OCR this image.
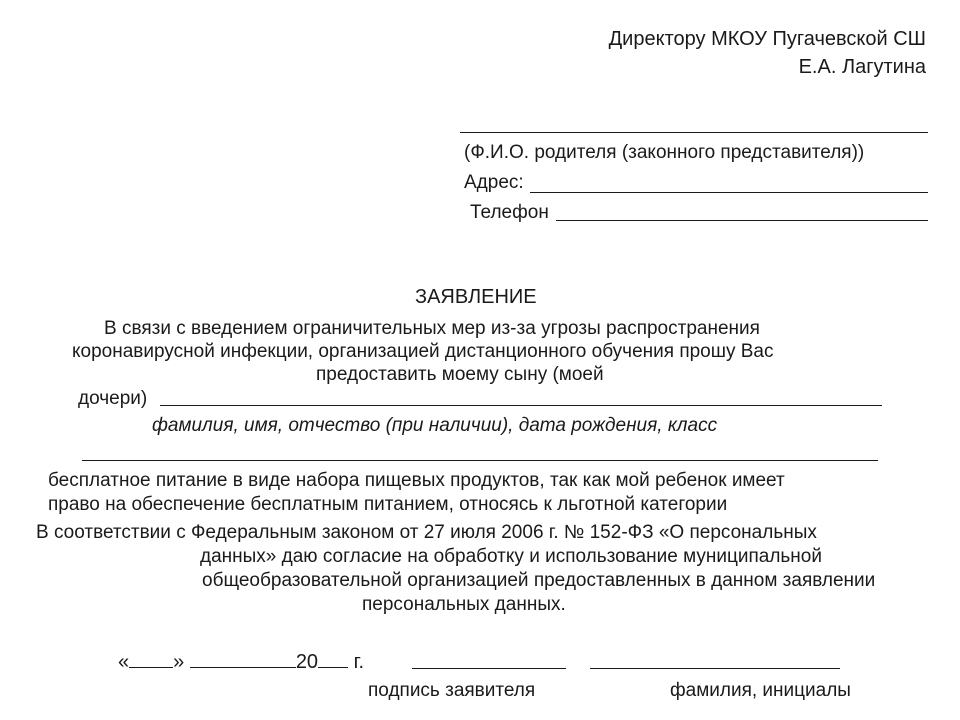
Директору МКОУ Пугачевской СШ
Е.А. Лагутина
(Ф.И.О. родителя (законного представителя))
Адрес:
Телефон
ЗАЯВЛЕНИЕ
В связи с введением ограничительных мер из-за угрозы распространения
коронавирусной инфекции, организацией дистанционного обучения прошу Вас
предоставить моему сыну (моей
дочери)
фамилия, имя, отчество (при наличии), дата рождения, класс
бесплатное питание в виде набора пищевых продуктов, так как мой ребенок имеет
право на обеспечение бесплатным питанием, относясь к льготной категории
В соответствии с Федеральным законом от 27 июля 2006 г. № 152-ФЗ «О персональных
данных» даю согласие на обработку и использование муниципальной
общеобразовательной организацией предоставленных в данном заявлении
персональных данных.
« »	20 г.
подпись заявителя	фамилия, инициалы
